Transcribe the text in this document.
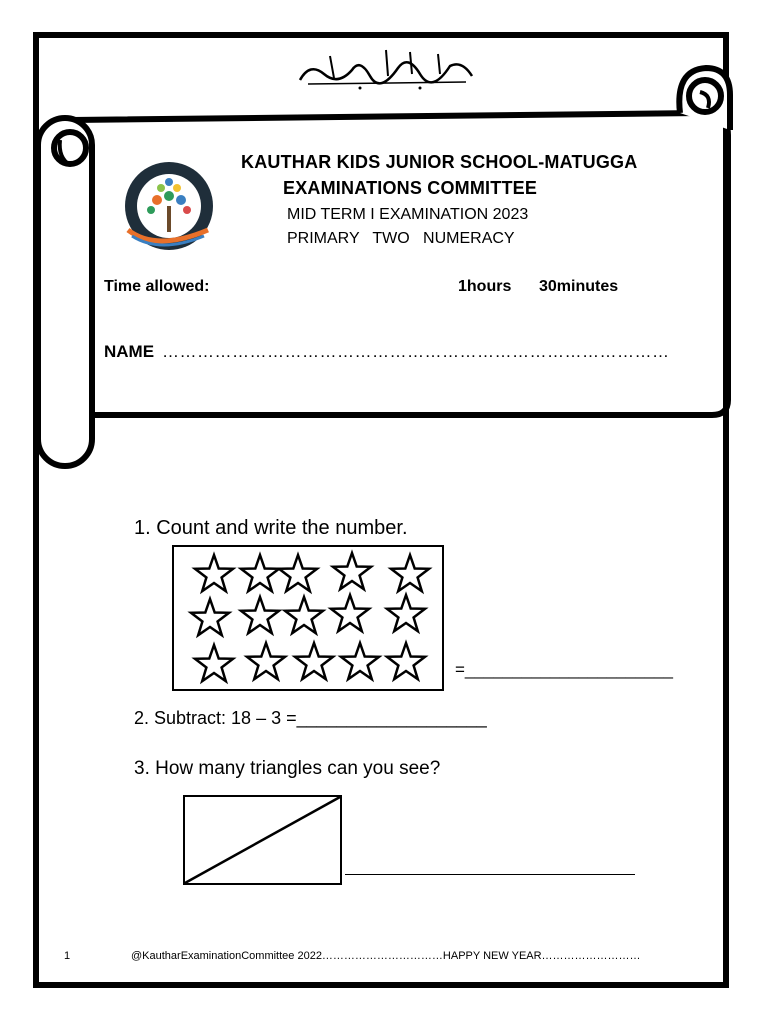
KAUTHAR KIDS JUNIOR SCHOOL-MATUGGA
EXAMINATIONS COMMITTEE
MID TERM I EXAMINATION 2023
PRIMARY   TWO   NUMERACY
Time allowed:	1hours 30minutes
NAME ……………………………………………………………………………
1. Count and write the number.
=______________________
2. Subtract: 18 – 3 =___________________
3. How many triangles can you see?
1	@KautharExaminationCommittee 2022……………………………HAPPY NEW YEAR………………………
